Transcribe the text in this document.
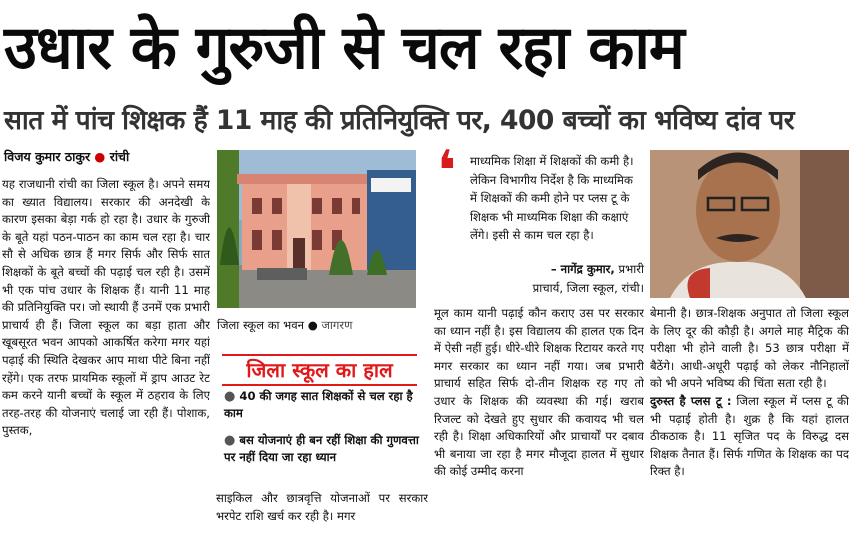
उधार के गुरुजी से चल रहा काम
सात में पांच शिक्षक हैं 11 माह की प्रतिनियुक्ति पर, 400 बच्चों का भविष्य दांव पर
विजय कुमार ठाकुर ● रांची
यह राजधानी रांची का जिला स्कूल है। अपने समय का ख्यात विद्यालय। सरकार की अनदेखी के कारण इसका बेड़ा गर्क हो रहा है। उधार के गुरुजी के बूते यहां पठन-पाठन का काम चल रहा है। चार सौ से अधिक छात्र हैं मगर सिर्फ और सिर्फ सात शिक्षकों के बूते बच्चों की पढ़ाई चल रही है। उसमें भी एक पांच उधार के शिक्षक हैं। यानी 11 माह की प्रतिनियुक्ति पर। जो स्थायी हैं उनमें एक प्रभारी प्राचार्य ही हैं। जिला स्कूल का बड़ा हाता और खूबसूरत भवन आपको आकर्षित करेगा मगर यहां पढ़ाई की स्थिति देखकर आप माथा पीटे बिना नहीं रहेंगे। एक तरफ प्रायमिक स्कूलों में ड्राप आउट रेट कम करने यानी बच्चों के स्कूल में ठहराव के लिए तरह-तरह की योजनाएं चलाई जा रही हैं। पोशाक, पुस्तक,
जिला स्कूल का भवन ● जागरण
जिला स्कूल का हाल
● 40 की जगह सात शिक्षकों से चल रहा है काम
● बस योजनाएं ही बन रहीं शिक्षा की गुणवत्ता पर नहीं दिया जा रहा ध्यान
साइकिल और छात्रवृत्ति योजनाओं पर सरकार भरपेट राशि खर्च कर रही है। मगर
❛ माध्यमिक शिक्षा में शिक्षकों की कमी है। लेकिन विभागीय निर्देश है कि माध्यमिक में शिक्षकों की कमी होने पर प्लस टू के शिक्षक भी माध्यमिक शिक्षा की कक्षाएं लेंगे। इसी से काम चल रहा है।
– नागेंद्र कुमार, प्रभारी
प्राचार्य, जिला स्कूल, रांची।
मूल काम यानी पढ़ाई कौन कराए उस पर सरकार का ध्यान नहीं है। इस विद्यालय की हालत एक दिन में ऐसी नहीं हुई। धीरे-धीरे शिक्षक रिटायर करते गए मगर सरकार का ध्यान नहीं गया। जब प्रभारी प्राचार्य सहित सिर्फ दो-तीन शिक्षक रह गए तो उधार के शिक्षक की व्यवस्था की गई। खराब रिजल्ट को देखते हुए सुधार की कवायद भी चल रही है। शिक्षा अधिकारियों और प्राचार्यों पर दबाव भी बनाया जा रहा है मगर मौजूदा हालत में सुधार की कोई उम्मीद करना
बेमानी है। छात्र-शिक्षक अनुपात तो जिला स्कूल के लिए दूर की कौड़ी है। अगले माह मैट्रिक की परीक्षा भी होने वाली है। 53 छात्र परीक्षा में बैठेंगे। आधी-अधूरी पढ़ाई को लेकर नौनिहालों को भी अपने भविष्य की चिंता सता रही है।
दुरुस्त है प्लस टू : जिला स्कूल में प्लस टू की भी पढ़ाई होती है। शुक्र है कि यहां हालत ठीकठाक है। 11 सृजित पद के विरुद्ध दस शिक्षक तैनात हैं। सिर्फ गणित के शिक्षक का पद रिक्त है।
